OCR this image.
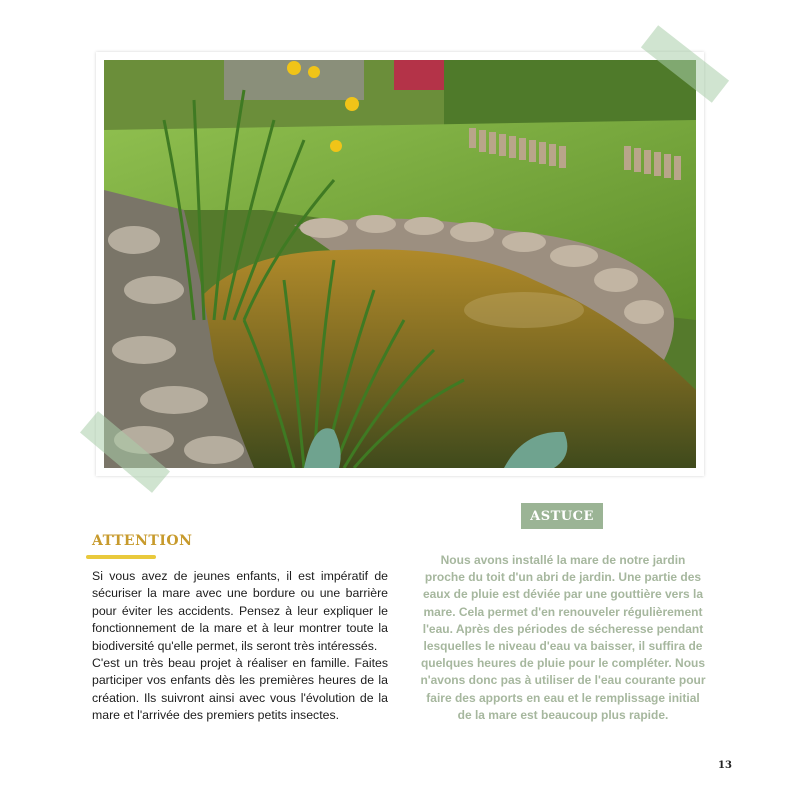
ATTENTION

Si vous avez de jeunes enfants, il est impératif de sécuriser la mare avec une bordure ou une barrière pour éviter les accidents. Pensez à leur expliquer le fonctionnement de la mare et à leur montrer toute la biodiversité qu'elle permet, ils seront très intéressés.

C'est un très beau projet à réaliser en famille. Faites participer vos enfants dès les premières heures de la création. Ils suivront ainsi avec vous l'évolution de la mare et l'arrivée des premiers petits insectes.

ASTUCE
Nous avons installé la mare de notre jardin proche du toit d'un abri de jardin. Une partie des eaux de pluie est déviée par une gouttière vers la mare. Cela permet d'en renouveler régulièrement l'eau. Après des périodes de sécheresse pendant lesquelles le niveau d'eau va baisser, il suffira de quelques heures de pluie pour le compléter. Nous n'avons donc pas à utiliser de l'eau courante pour faire des apports en eau et le remplissage initial de la mare est beaucoup plus rapide.
13
